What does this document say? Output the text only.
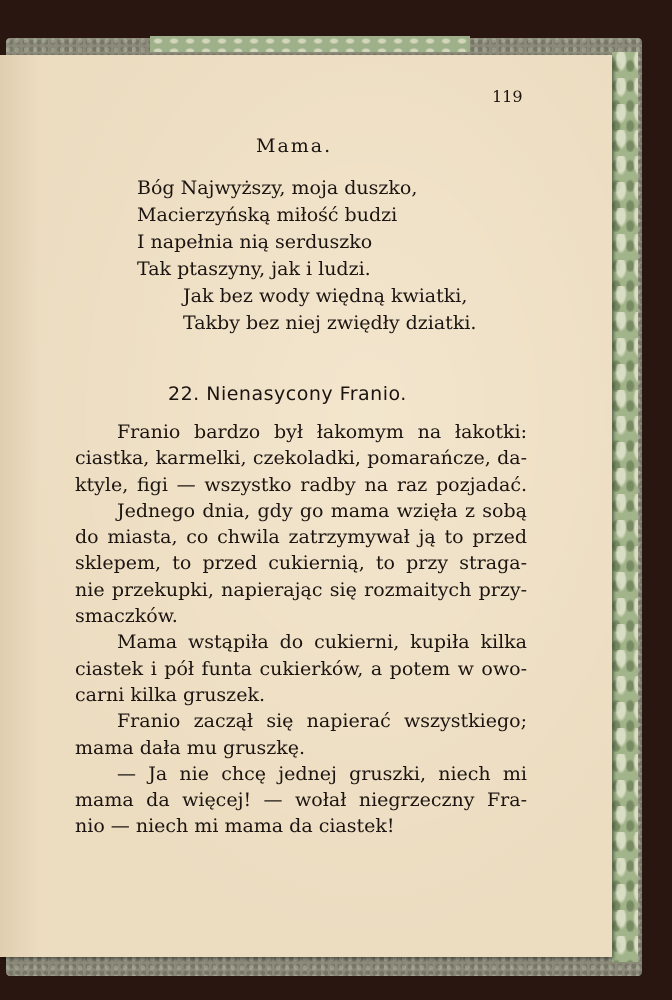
119
Mama.
Bóg Najwyższy, moja duszko,
Macierzyńską miłość budzi
I napełnia nią serduszko
Tak ptaszyny, jak i ludzi.
Jak bez wody więdną kwiatki,
Takby bez niej zwiędły dziatki.
22. Nienasycony Franio.
Franio bardzo był łakomym na łakotki:
ciastka, karmelki, czekoladki, pomarańcze, da-
ktyle, figi — wszystko radby na raz pozjadać.
Jednego dnia, gdy go mama wzięła z sobą
do miasta, co chwila zatrzymywał ją to przed
sklepem, to przed cukiernią, to przy straga-
nie przekupki, napierając się rozmaitych przy-
smaczków.
Mama wstąpiła do cukierni, kupiła kilka
ciastek i pół funta cukierków, a potem w owo-
carni kilka gruszek.
Franio zaczął się napierać wszystkiego;
mama dała mu gruszkę.
— Ja nie chcę jednej gruszki, niech mi
mama da więcej! — wołał niegrzeczny Fra-
nio — niech mi mama da ciastek!
